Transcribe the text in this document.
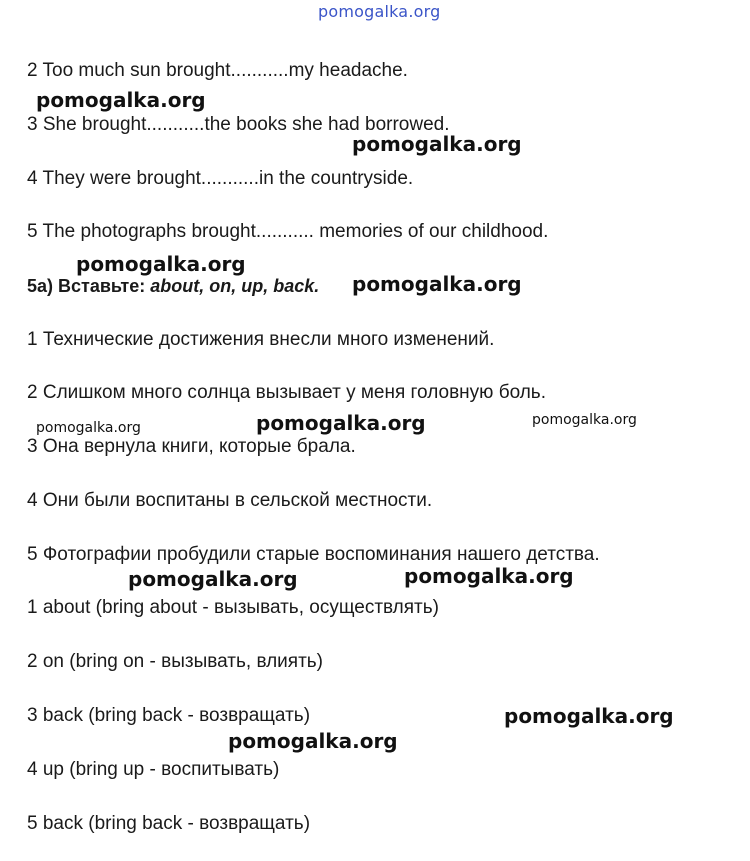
pomogalka.org
2 Too much sun brought...........my headache.
3 She brought...........the books she had borrowed.
4 They were brought...........in the countryside.
5 The photographs brought........... memories of our childhood.
5a) Вставьте: about, on, up, back.
1 Технические достижения внесли много изменений.
2 Слишком много солнца вызывает у меня головную боль.
3 Она вернула книги, которые брала.
4 Они были воспитаны в сельской местности.
5 Фотографии пробудили старые воспоминания нашего детства.
1 about (bring about - вызывать, осуществлять)
2 on (bring on - вызывать, влиять)
3 back (bring back - возвращать)
4 up (bring up - воспитывать)
5 back (bring back - возвращать)
pomogalka.org
pomogalka.org
pomogalka.org
pomogalka.org
pomogalka.org	pomogalka.org	pomogalka.org
pomogalka.org	pomogalka.org
pomogalka.org
pomogalka.org
